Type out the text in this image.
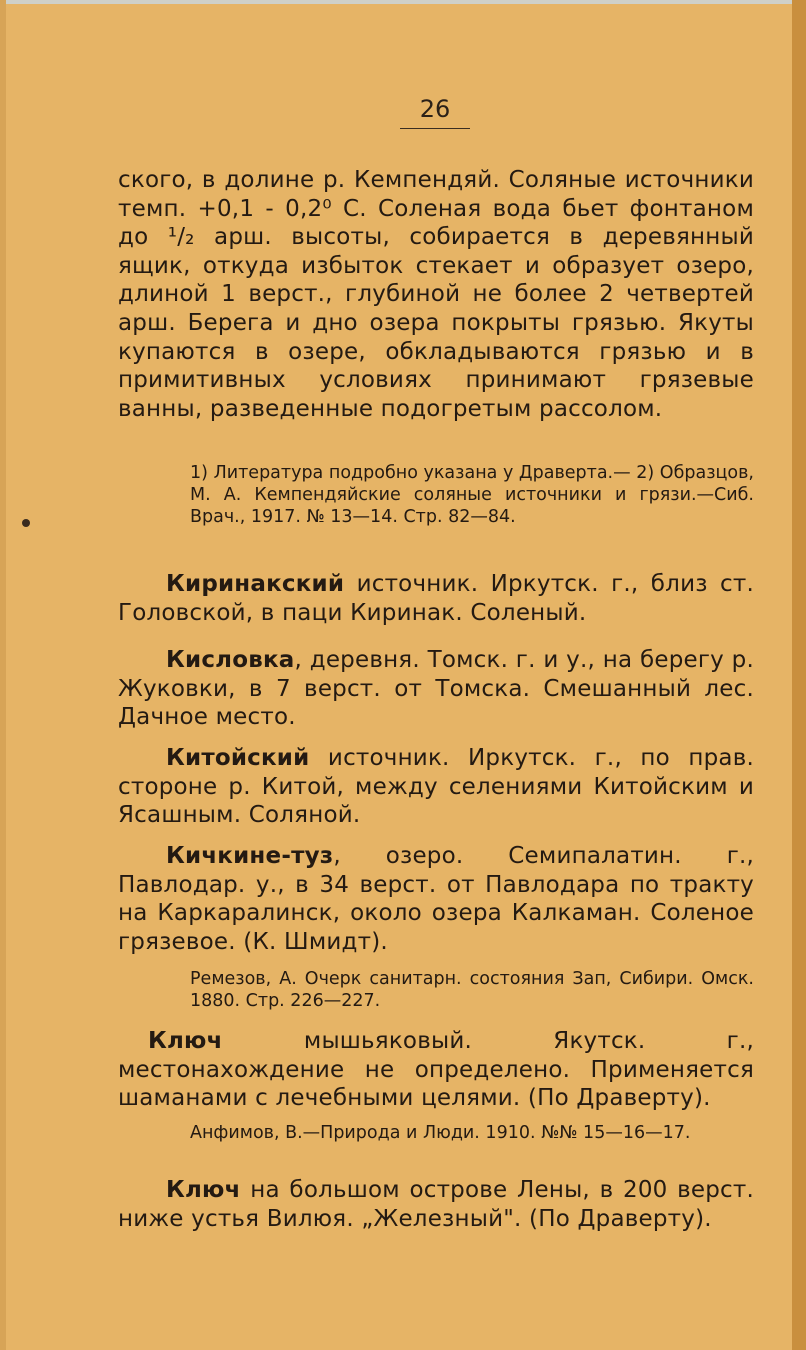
26

ского, в долине р. Кемпендяй. Соляные источники темп. +0,1 - 0,2⁰ С. Соленая вода бьет фонтаном до ¹/₂ арш. высоты, собирается в деревянный ящик, откуда избыток стекает и образует озеро, длиной 1 верст., глубиной не более 2 четвертей арш. Берега и дно озера покрыты грязью. Якуты купаются в озере, обкладываются грязью и в примитивных условиях принимают грязевые ванны, разведенные подогретым рассолом.

1) Литература подробно указана у Драверта.— 2) Образцов, М. А. Кемпендяйские соляные источники и грязи.—Сиб. Врач., 1917. № 13—14. Стр. 82—84.

Киринакский источник. Иркутск. г., близ ст. Головской, в паци Киринак. Соленый.

Кисловка, деревня. Томск. г. и у., на берегу р. Жуковки, в 7 верст. от Томска. Смешанный лес. Дачное место.

Китойский источник. Иркутск. г., по прав. стороне р. Китой, между селениями Китойским и Ясашным. Соляной.

Кичкине-туз, озеро. Семипалатин. г., Павлодар. у., в 34 верст. от Павлодара по тракту на Каркаралинск, около озера Калкаман. Соленое грязевое. (К. Шмидт).

Ремезов, А. Очерк санитарн. состояния Зап, Сибири. Омск. 1880. Стр. 226—227.

Ключ мышьяковый. Якутск. г., местонахождение не определено. Применяется шаманами с лечебными целями. (По Драверту).

Анфимов, В.—Природа и Люди. 1910. №№ 15—16—17.

Ключ на большом острове Лены, в 200 верст. ниже устья Вилюя. „Железный". (По Драверту).
